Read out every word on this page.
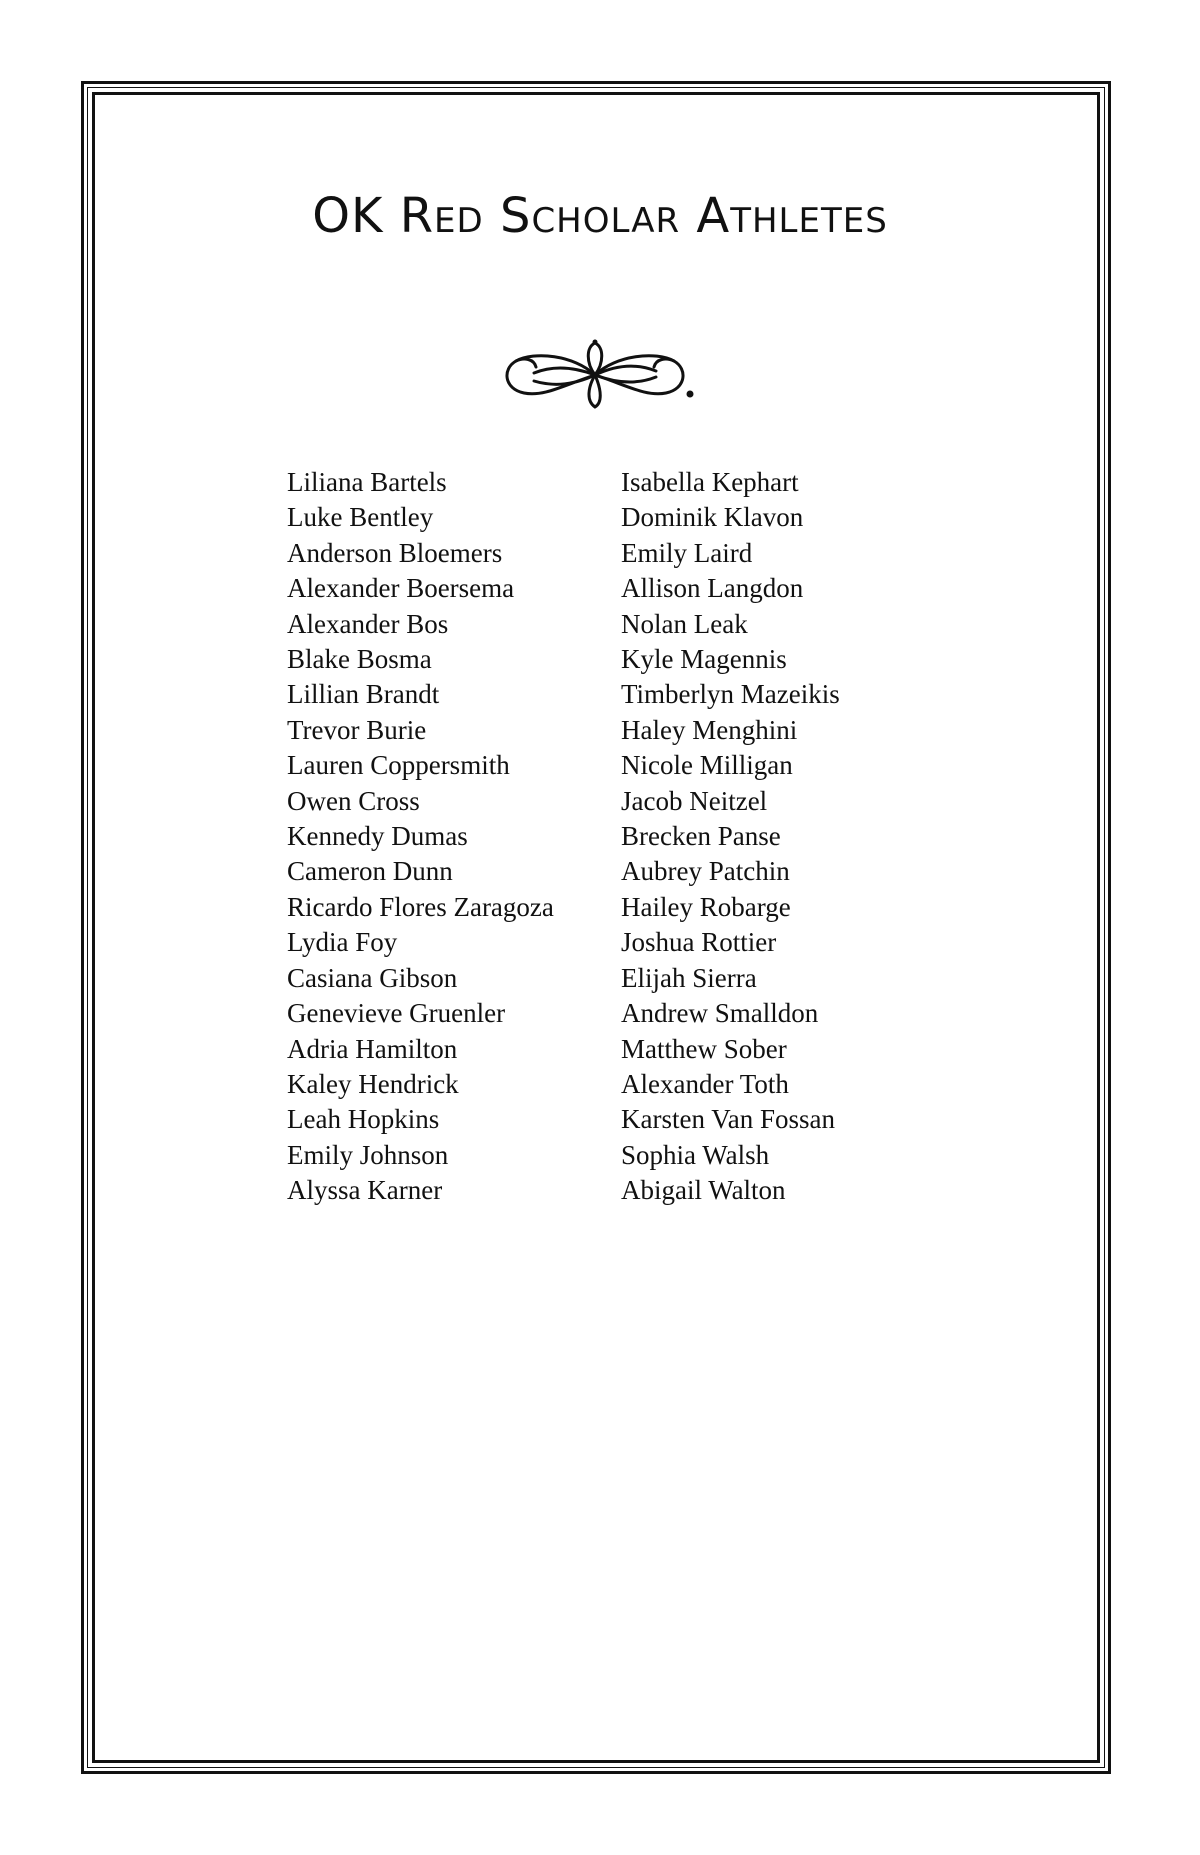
OK Red Scholar Athletes
Liliana Bartels
Luke Bentley
Anderson Bloemers
Alexander Boersema
Alexander Bos
Blake Bosma
Lillian Brandt
Trevor Burie
Lauren Coppersmith
Owen Cross
Kennedy Dumas
Cameron Dunn
Ricardo Flores Zaragoza
Lydia Foy
Casiana Gibson
Genevieve Gruenler
Adria Hamilton
Kaley Hendrick
Leah Hopkins
Emily Johnson
Alyssa Karner
Isabella Kephart
Dominik Klavon
Emily Laird
Allison Langdon
Nolan Leak
Kyle Magennis
Timberlyn Mazeikis
Haley Menghini
Nicole Milligan
Jacob Neitzel
Brecken Panse
Aubrey Patchin
Hailey Robarge
Joshua Rottier
Elijah Sierra
Andrew Smalldon
Matthew Sober
Alexander Toth
Karsten Van Fossan
Sophia Walsh
Abigail Walton
